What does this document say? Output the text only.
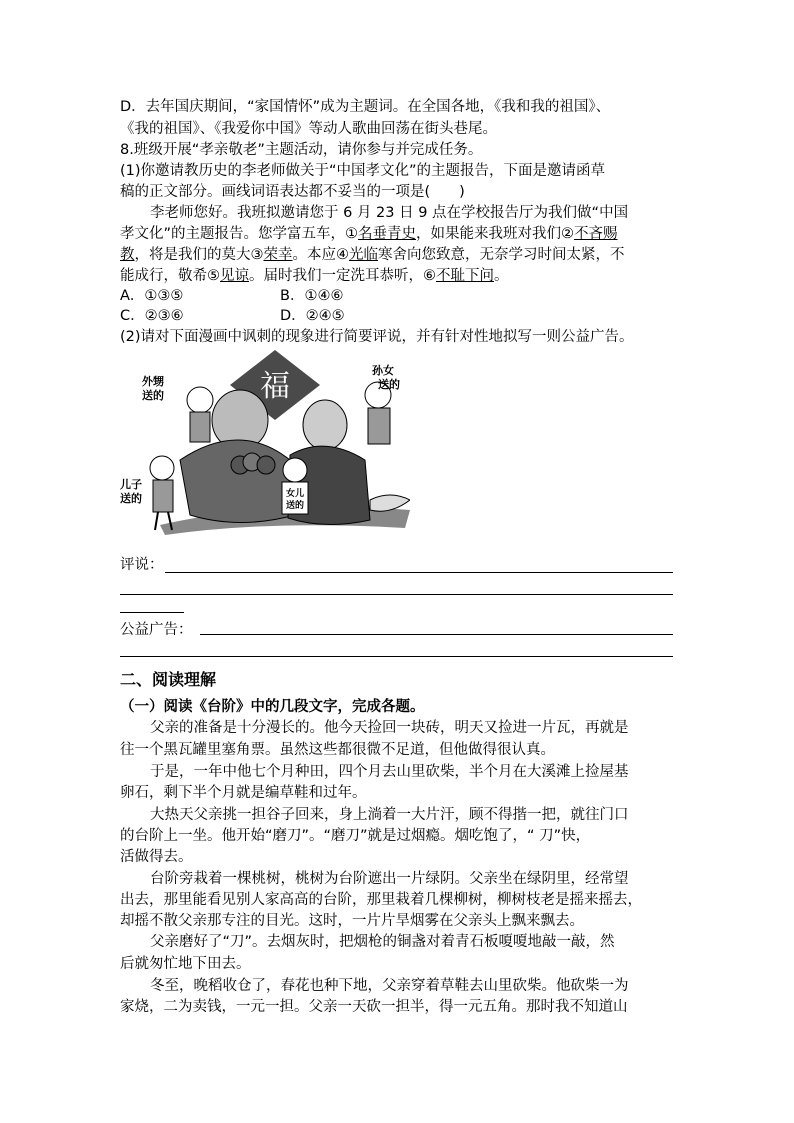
D．去年国庆期间，“家国情怀”成为主题词。在全国各地，《我和我的祖国》、
《我的祖国》、《我爱你中国》等动人歌曲回荡在街头巷尾。
8.班级开展“孝亲敬老”主题活动，请你参与并完成任务。
(1)你邀请教历史的李老师做关于“中国孝文化”的主题报告，下面是邀请函草
稿的正文部分。画线词语表达都不妥当的一项是(　　)
李老师您好。我班拟邀请您于 6 月 23 日 9 点在学校报告厅为我们做“中国
孝文化”的主题报告。您学富五车，①名垂青史，如果能来我班对我们②不吝赐
教，将是我们的莫大③荣幸。本应④光临寒舍向您致意，无奈学习时间太紧，不
能成行，敬希⑤见谅。届时我们一定洗耳恭听，⑥不耻下问。
A．①③⑤	B．①④⑥
C．②③⑥	D．②④⑤
(2)请对下面漫画中讽刺的现象进行简要评说，并有针对性地拟写一则公益广告。
福
外甥
送的
孙女
送的
儿子
送的	女儿
送的
评说：
公益广告：
二、阅读理解
（一）阅读《台阶》中的几段文字，完成各题。
父亲的准备是十分漫长的。他今天捡回一块砖，明天又捡进一片瓦，再就是
往一个黑瓦罐里塞角票。虽然这些都很微不足道，但他做得很认真。
于是，一年中他七个月种田，四个月去山里砍柴，半个月在大溪滩上捡屋基
卵石，剩下半个月就是编草鞋和过年。
大热天父亲挑一担谷子回来，身上淌着一大片汗，顾不得揩一把，就往门口
的台阶上一坐。他开始“磨刀”。“磨刀”就是过烟瘾。烟吃饱了，“ 刀”快，
活做得去。
台阶旁栽着一棵桃树，桃树为台阶遮出一片绿阴。父亲坐在绿阴里，经常望
出去，那里能看见别人家高高的台阶，那里栽着几棵柳树，柳树枝老是摇来摇去，
却摇不散父亲那专注的目光。这时，一片片旱烟雾在父亲头上飘来飘去。
父亲磨好了“刀”。去烟灰时，把烟枪的铜盏对着青石板嗄嗄地敲一敲，然
后就匆忙地下田去。
冬至，晚稻收仓了，春花也种下地，父亲穿着草鞋去山里砍柴。他砍柴一为
家烧，二为卖钱，一元一担。父亲一天砍一担半，得一元五角。那时我不知道山
